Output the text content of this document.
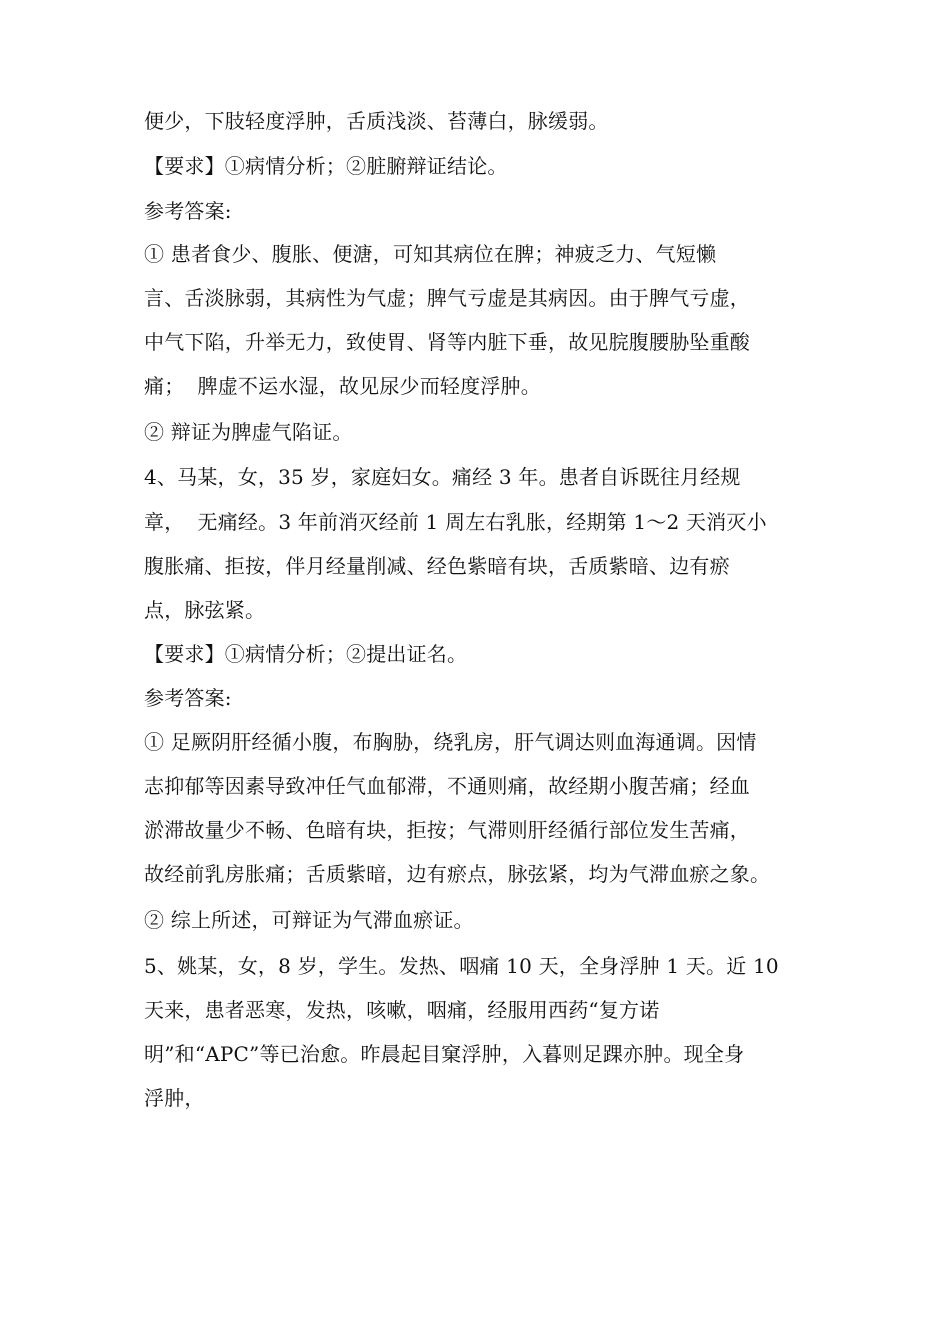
便少，下肢轻度浮肿，舌质浅淡、苔薄白，脉缓弱。
【要求】①病情分析；②脏腑辩证结论。
参考答案:
① 患者食少、腹胀、便溏，可知其病位在脾；神疲乏力、气短懒
言、舌淡脉弱，其病性为气虚；脾气亏虚是其病因。由于脾气亏虚，
中气下陷，升举无力，致使胃、肾等内脏下垂，故见脘腹腰胁坠重酸
痛；  脾虚不运水湿，故见尿少而轻度浮肿。
② 辩证为脾虚气陷证。
4、马某，女，35 岁，家庭妇女。痛经 3 年。患者自诉既往月经规
章，  无痛经。3 年前消灭经前 1 周左右乳胀，经期第 1～2 天消灭小
腹胀痛、拒按，伴月经量削减、经色紫暗有块，舌质紫暗、边有瘀
点，脉弦紧。
【要求】①病情分析；②提出证名。
参考答案:
① 足厥阴肝经循小腹，布胸胁，绕乳房，肝气调达则血海通调。因情
志抑郁等因素导致冲任气血郁滞，不通则痛，故经期小腹苦痛；经血
淤滞故量少不畅、色暗有块，拒按；气滞则肝经循行部位发生苦痛，
故经前乳房胀痛；舌质紫暗，边有瘀点，脉弦紧，均为气滞血瘀之象。
② 综上所述，可辩证为气滞血瘀证。
5、姚某，女，8 岁，学生。发热、咽痛 10 天，全身浮肿 1 天。近 10
天来，患者恶寒，发热，咳嗽，咽痛，经服用西药“复方诺
明”和“APC”等已治愈。昨晨起目窠浮肿，入暮则足踝亦肿。现全身
浮肿，
